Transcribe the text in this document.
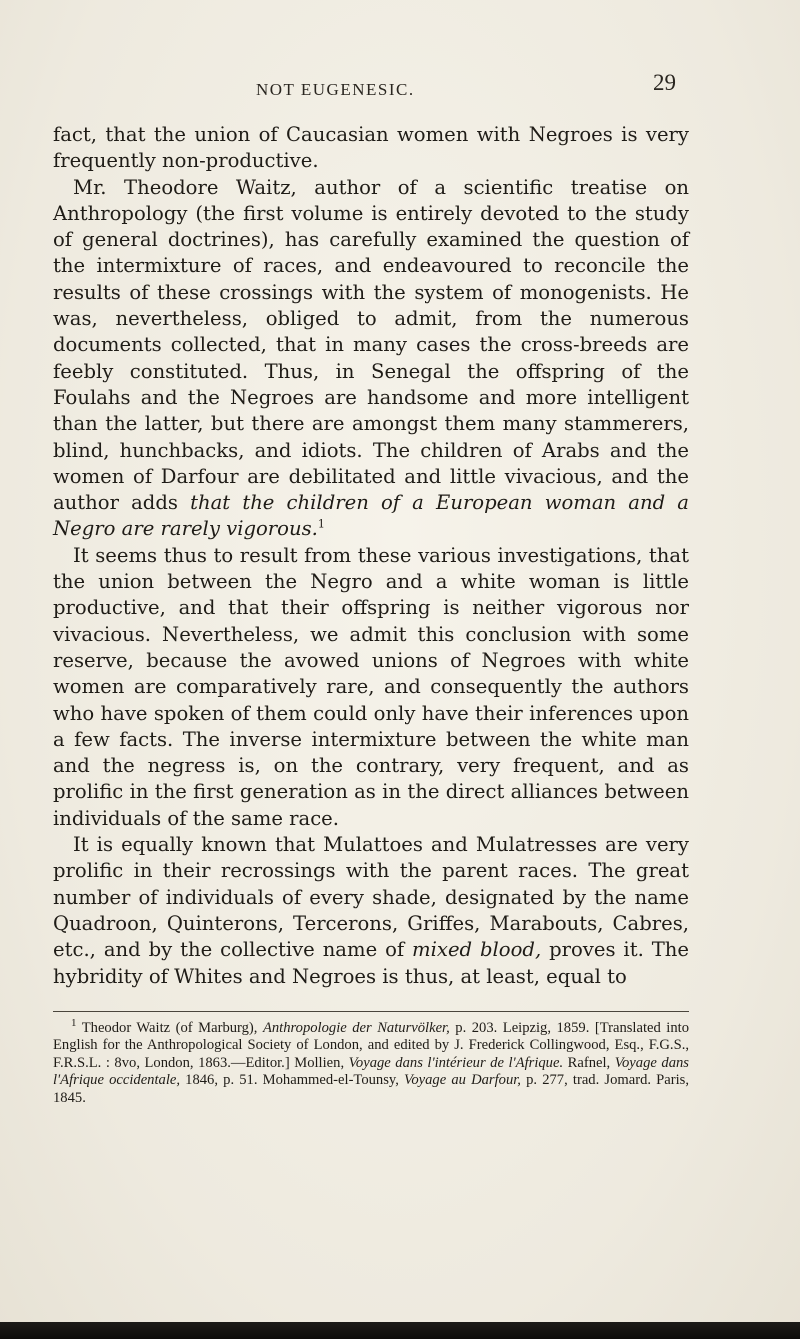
NOT EUGENESIC.	29

fact, that the union of Caucasian women with Negroes is very frequently non-productive.

Mr. Theodore Waitz, author of a scientific treatise on Anthropology (the first volume is entirely devoted to the study of general doctrines), has carefully examined the question of the intermixture of races, and endeavoured to reconcile the results of these crossings with the system of monogenists. He was, nevertheless, obliged to admit, from the numerous documents collected, that in many cases the cross-breeds are feebly constituted. Thus, in Senegal the offspring of the Foulahs and the Negroes are handsome and more intelligent than the latter, but there are amongst them many stammerers, blind, hunchbacks, and idiots. The children of Arabs and the women of Darfour are debilitated and little vivacious, and the author adds that the children of a European woman and a Negro are rarely vigorous.$^1$

It seems thus to result from these various investigations, that the union between the Negro and a white woman is little productive, and that their offspring is neither vigorous nor vivacious. Nevertheless, we admit this conclusion with some reserve, because the avowed unions of Negroes with white women are comparatively rare, and consequently the authors who have spoken of them could only have their inferences upon a few facts. The inverse intermixture between the white man and the negress is, on the contrary, very frequent, and as prolific in the first generation as in the direct alliances between individuals of the same race.

It is equally known that Mulattoes and Mulatresses are very prolific in their recrossings with the parent races. The great number of individuals of every shade, designated by the name Quadroon, Quinterons, Tercerons, Griffes, Marabouts, Cabres, etc., and by the collective name of mixed blood, proves it. The hybridity of Whites and Negroes is thus, at least, equal to

$^1$ Theodor Waitz (of Marburg), Anthropologie der Naturvölker, p. 203. Leipzig, 1859. [Translated into English for the Anthropological Society of London, and edited by J. Frederick Collingwood, Esq., F.G.S., F.R.S.L. : 8vo, London, 1863.—Editor.] Mollien, Voyage dans l'intérieur de l'Afrique. Rafnel, Voyage dans l'Afrique occidentale, 1846, p. 51. Mohammed-el-Tounsy, Voyage au Darfour, p. 277, trad. Jomard. Paris, 1845.
